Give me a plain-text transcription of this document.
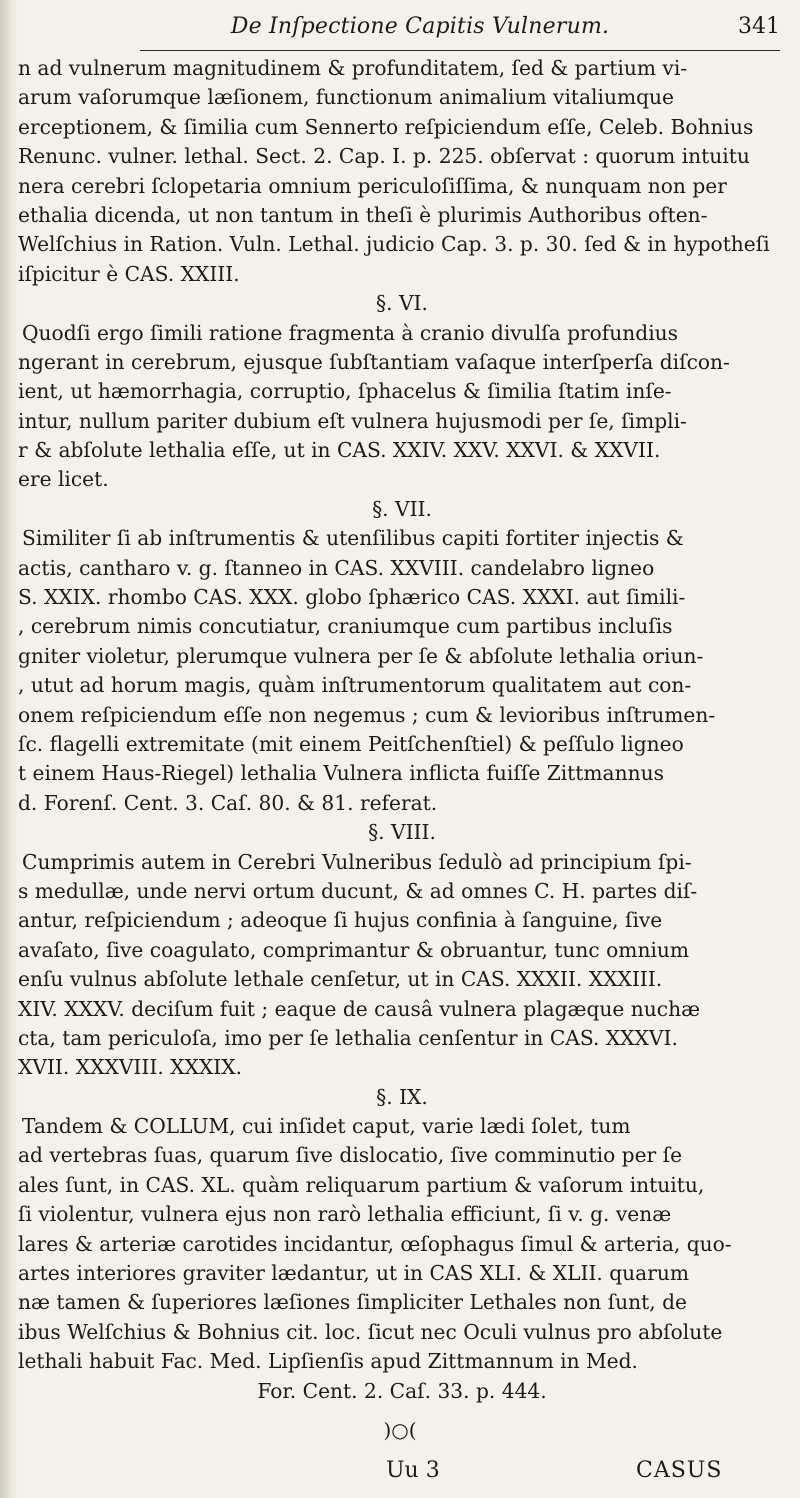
De Inſpectione Capitis Vulnerum.	341
n ad vulnerum magnitudinem & profunditatem, ſed & partium vi-
arum vaſorumque læſionem, functionum animalium vitaliumque
erceptionem, & ſimilia cum Sennerto reſpiciendum eſſe, Celeb. Bohnius
Renunc. vulner. lethal. Sect. 2. Cap. I. p. 225. obſervat : quorum intuitu
nera cerebri ſclopetaria omnium periculoſiſſima, & nunquam non per
ethalia dicenda, ut non tantum in theſi è plurimis Authoribus often-
Welſchius in Ration. Vuln. Lethal. judicio Cap. 3. p. 30. ſed & in hypotheſi
iſpicitur è CAS. XXIII.
§. VI.
Quodſi ergo ſimili ratione fragmenta à cranio divulſa profundius
ngerant in cerebrum, ejusque ſubſtantiam vaſaque interſperſa diſcon-
ient, ut hæmorrhagia, corruptio, ſphacelus & ſimilia ſtatim inſe-
intur, nullum pariter dubium eſt vulnera hujusmodi per ſe, ſimpli-
r & abſolute lethalia eſſe, ut in CAS. XXIV. XXV. XXVI. & XXVII.
ere licet.
§. VII.
Similiter ſi ab inſtrumentis & utenſilibus capiti fortiter injectis &
actis, cantharo v. g. ſtanneo in CAS. XXVIII. candelabro ligneo
S. XXIX. rhombo CAS. XXX. globo ſphærico CAS. XXXI. aut ſimili-
, cerebrum nimis concutiatur, craniumque cum partibus incluſis
gniter violetur, plerumque vulnera per ſe & abſolute lethalia oriun-
, utut ad horum magis, quàm inſtrumentorum qualitatem aut con-
onem reſpiciendum eſſe non negemus ; cum & levioribus inſtrumen-
ſc. flagelli extremitate (mit einem Peitſchenſtiel) & peſſulo ligneo
t einem Haus-Riegel) lethalia Vulnera inflicta fuiſſe Zittmannus
d. Forenſ. Cent. 3. Caſ. 80. & 81. referat.
§. VIII.
Cumprimis autem in Cerebri Vulneribus ſedulò ad principium ſpi-
s medullæ, unde nervi ortum ducunt, & ad omnes C. H. partes diſ-
antur, reſpiciendum ; adeoque ſi hujus confinia à ſanguine, ſive
avaſato, ſive coagulato, comprimantur & obruantur, tunc omnium
enſu vulnus abſolute lethale cenſetur, ut in CAS. XXXII. XXXIII.
XIV. XXXV. deciſum fuit ; eaque de causâ vulnera plagæque nuchæ
cta, tam periculoſa, imo per ſe lethalia cenſentur in CAS. XXXVI.
XVII. XXXVIII. XXXIX.
§. IX.
Tandem & COLLUM, cui inſidet caput, varie lædi ſolet, tum
ad vertebras ſuas, quarum ſive dislocatio, ſive comminutio per ſe
ales ſunt, in CAS. XL. quàm reliquarum partium & vaſorum intuitu,
ſi violentur, vulnera ejus non rarò lethalia efficiunt, ſi v. g. venæ
lares & arteriæ carotides incidantur, œſophagus ſimul & arteria, quo-
artes interiores graviter lædantur, ut in CAS XLI. & XLII. quarum
næ tamen & ſuperiores læſiones ſimpliciter Lethales non ſunt, de
ibus Welſchius & Bohnius cit. loc. ſicut nec Oculi vulnus pro abſolute
lethali habuit Fac. Med. Lipſienſis apud Zittmannum in Med.
For. Cent. 2. Caſ. 33. p. 444.
)○(
Uu 3	CASUS
